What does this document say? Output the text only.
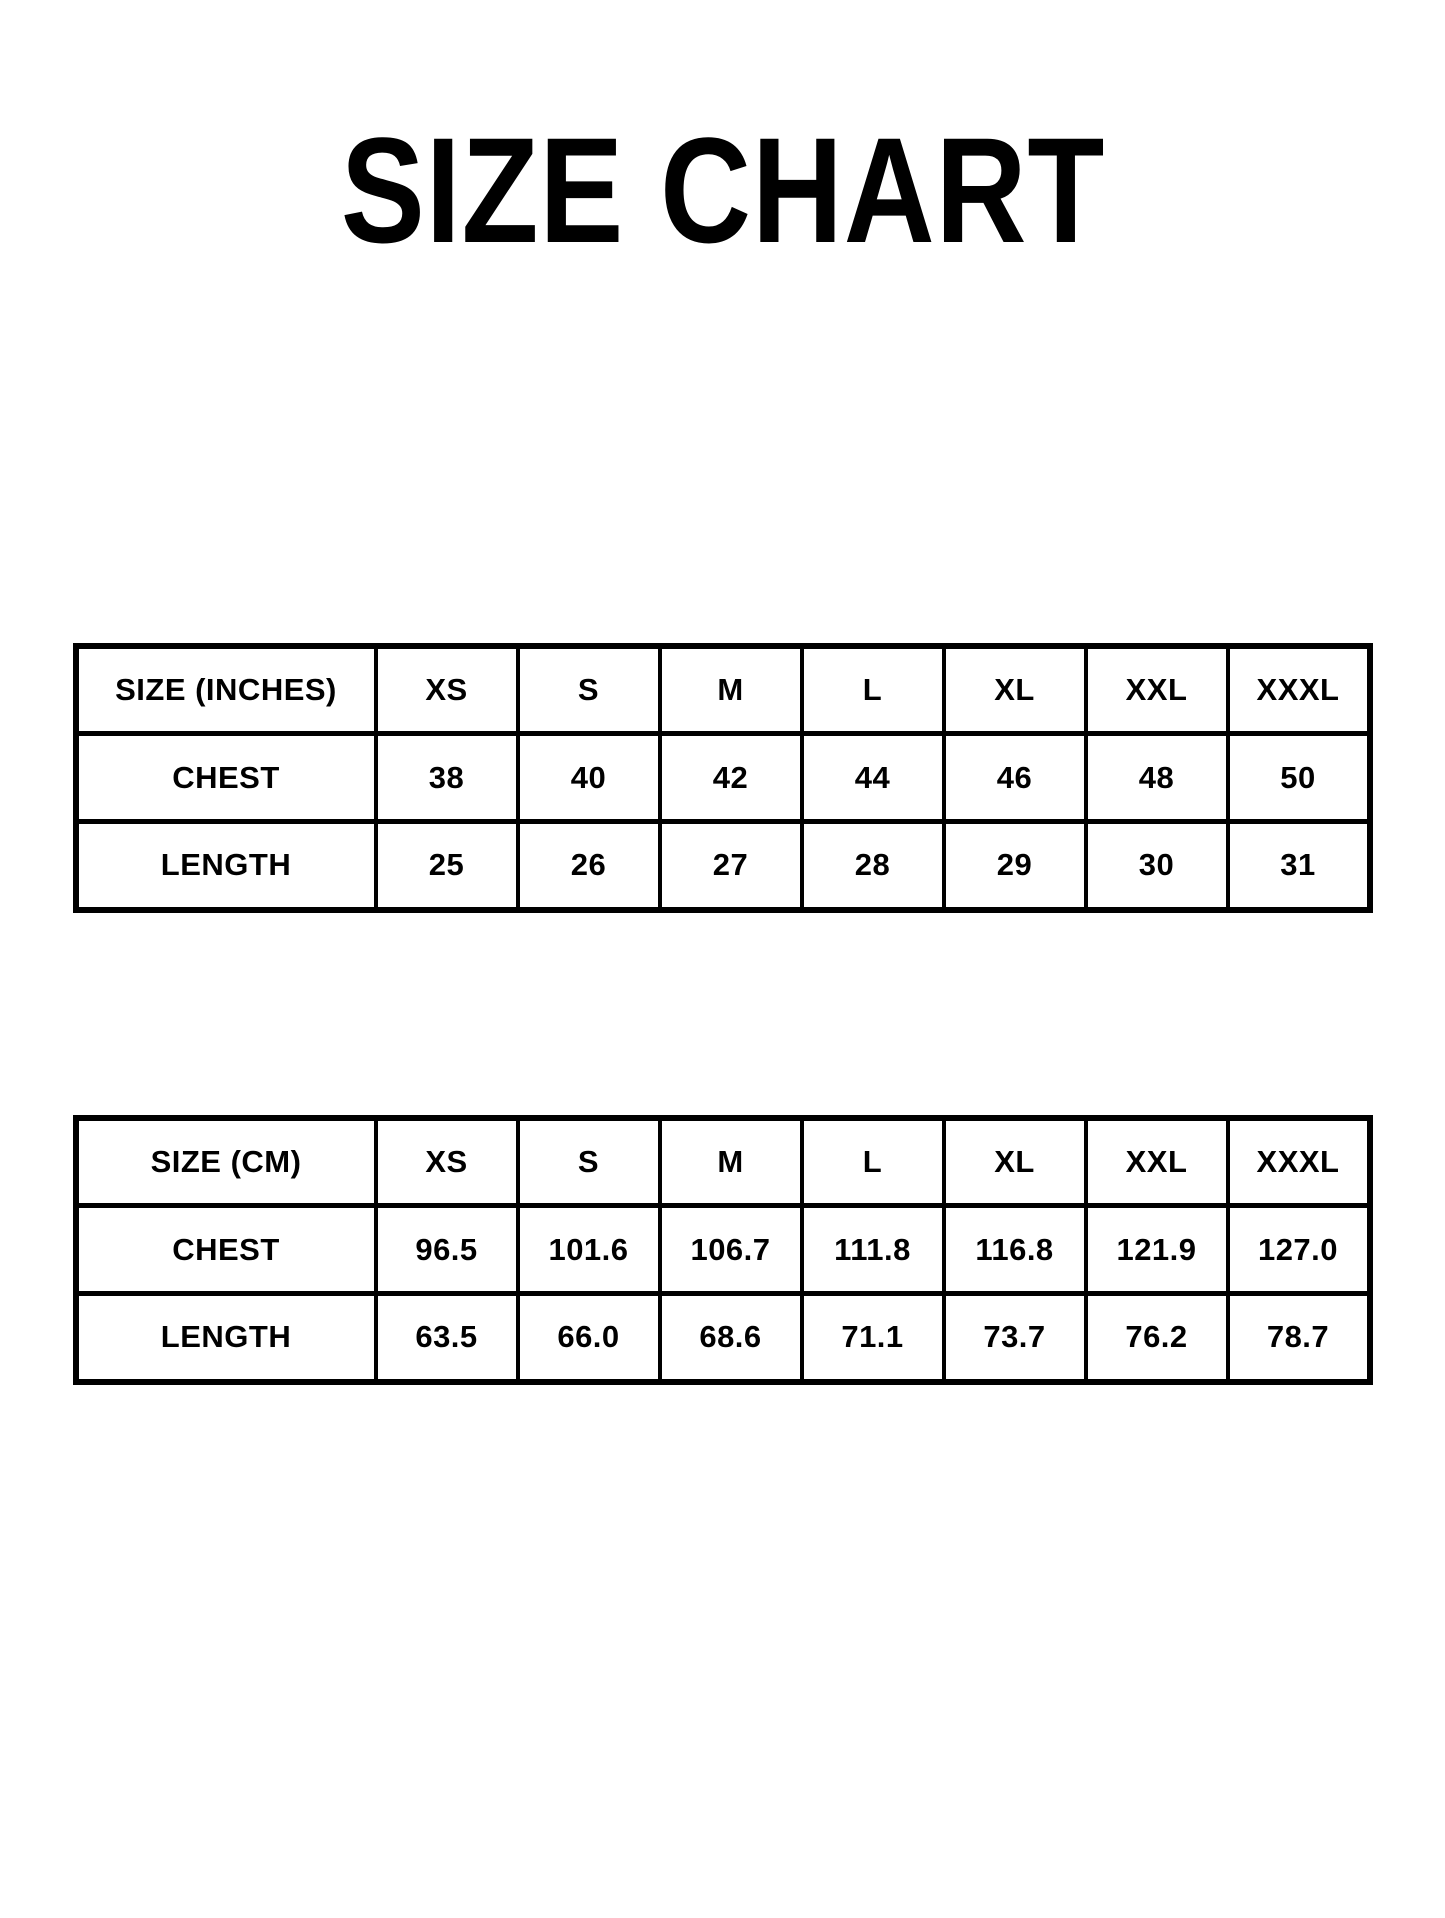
SIZE CHART
SIZE (INCHES)	XS	S	M	L	XL	XXL	XXXL
CHEST	38	40	42	44	46	48	50
LENGTH	25	26	27	28	29	30	31
SIZE (CM)	XS	S	M	L	XL	XXL	XXXL
CHEST	96.5	101.6	106.7	111.8	116.8	121.9	127.0
LENGTH	63.5	66.0	68.6	71.1	73.7	76.2	78.7
